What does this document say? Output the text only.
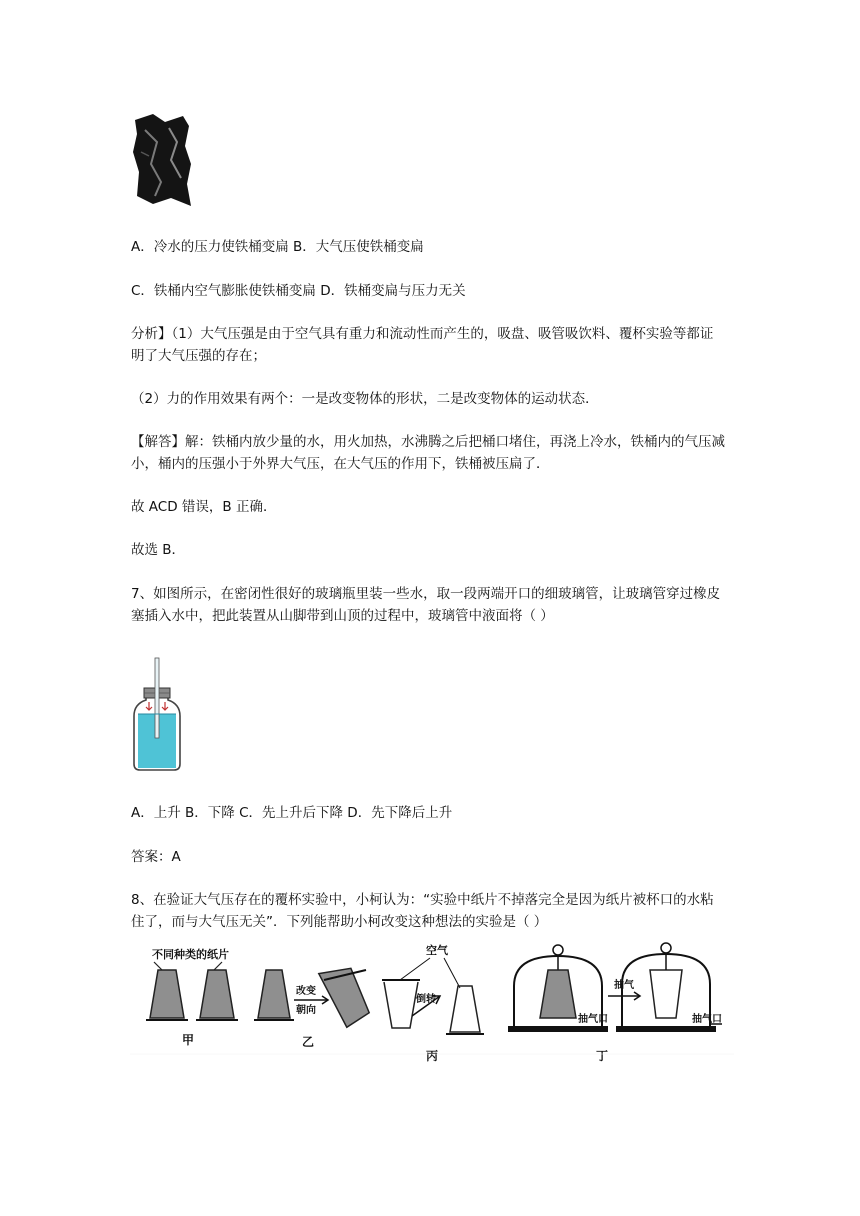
A．冷水的压力使铁桶变扁 B．大气压使铁桶变扁
C．铁桶内空气膨胀使铁桶变扁 D．铁桶变扁与压力无关
分析】（1）大气压强是由于空气具有重力和流动性而产生的，吸盘、吸管吸饮料、覆杯实验等都证
明了大气压强的存在；
（2）力的作用效果有两个：一是改变物体的形状，二是改变物体的运动状态．
【解答】解：铁桶内放少量的水，用火加热，水沸腾之后把桶口堵住，再浇上冷水，铁桶内的气压减
小，桶内的压强小于外界大气压，在大气压的作用下，铁桶被压扁了．
故 ACD 错误，B 正确．
故选 B．
7、如图所示，在密闭性很好的玻璃瓶里装一些水，取一段两端开口的细玻璃管，让玻璃管穿过橡皮
塞插入水中，把此装置从山脚带到山顶的过程中，玻璃管中液面将（ ）
A．上升 B．下降 C．先上升后下降 D．先下降后上升
答案：A
8、在验证大气压存在的覆杯实验中，小柯认为：“实验中纸片不掉落完全是因为纸片被杯口的水粘
住了，而与大气压无关”．下列能帮助小柯改变这种想法的实验是（ ）
不同种类的纸片
甲
改变
朝向
乙
空气
倒转
丙
抽气口
抽气
抽气口
丁
